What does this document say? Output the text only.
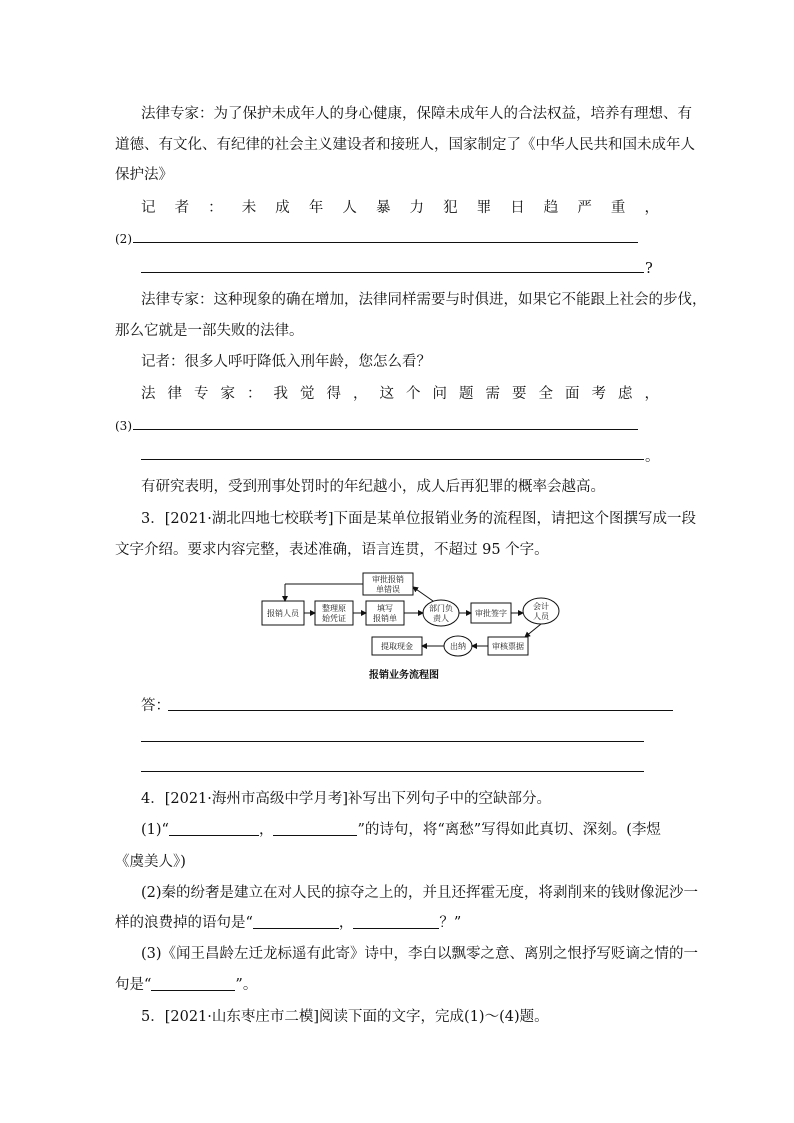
法律专家：为了保护未成年人的身心健康，保障未成年人的合法权益，培养有理想、有
道德、有文化、有纪律的社会主义建设者和接班人，国家制定了《中华人民共和国未成年人
保护法》
记 者 ： 未 成 年 人 暴 力 犯 罪 日 趋 严 重 ，
(2)
?
法律专家：这种现象的确在增加，法律同样需要与时俱进，如果它不能跟上社会的步伐，
那么它就是一部失败的法律。
记者：很多人呼吁降低入刑年龄，您怎么看？
法 律 专 家 ： 我 觉 得 ， 这 个 问 题 需 要 全 面 考 虑 ，
(3)
。
有研究表明，受到刑事处罚时的年纪越小，成人后再犯罪的概率会越高。
3．[2021·湖北四地七校联考]下面是某单位报销业务的流程图，请把这个图撰写成一段
文字介绍。要求内容完整，表述准确，语言连贯，不超过 95 个字。
审批报销
单错误
报销人员
整理原
始凭证
填写
报销单
部门负
责人
审批签字
会计
人员
审核票据
出纳
提取现金
报销业务流程图
答：
4．[2021·海州市高级中学月考]补写出下列句子中的空缺部分。
(1)“	，	”的诗句，将“离愁”写得如此真切、深刻。(李煜
《虞美人》)
(2)秦的纷奢是建立在对人民的掠夺之上的，并且还挥霍无度，将剥削来的钱财像泥沙一
样的浪费掉的语句是“	，	？”
(3)《闻王昌龄左迁龙标遥有此寄》诗中，李白以飘零之意、离别之恨抒写贬谪之情的一
句是“	”。
5．[2021·山东枣庄市二模]阅读下面的文字，完成(1)～(4)题。
